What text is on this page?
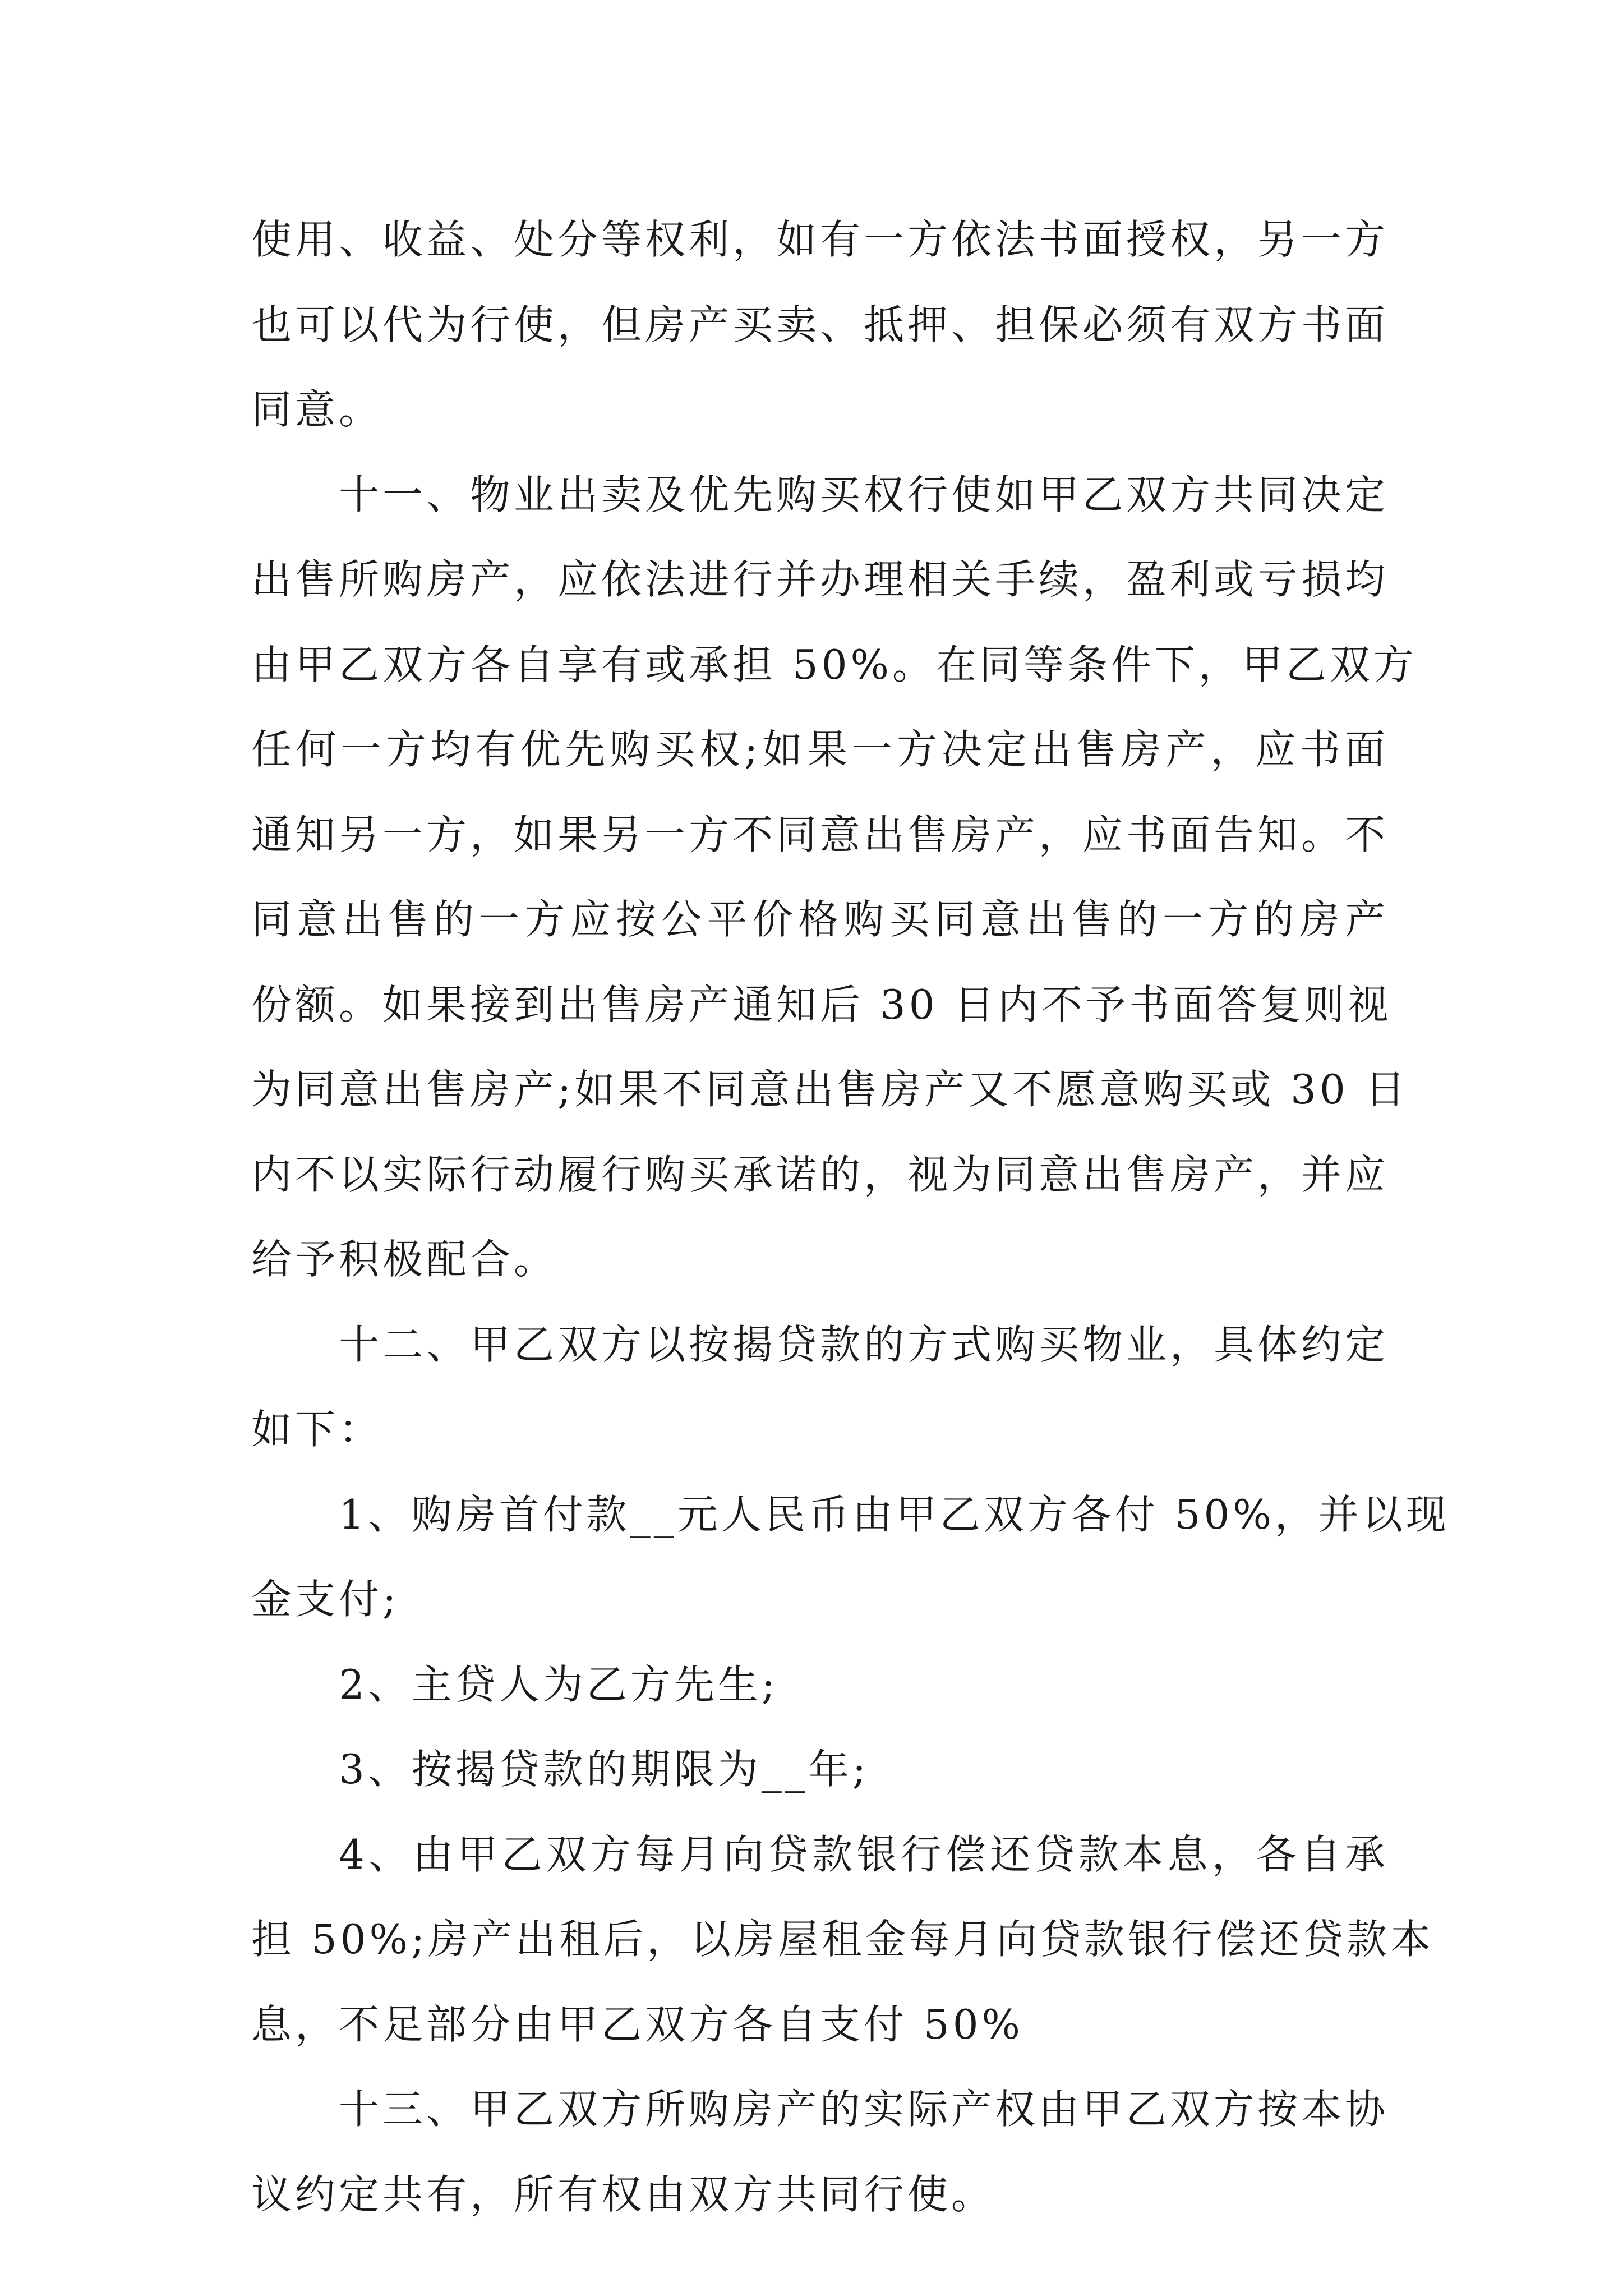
使用、收益、处分等权利，如有一方依法书面授权，另一方
也可以代为行使，但房产买卖、抵押、担保必须有双方书面
同意。
十一、物业出卖及优先购买权行使如甲乙双方共同决定
出售所购房产，应依法进行并办理相关手续，盈利或亏损均
由甲乙双方各自享有或承担 50%。在同等条件下，甲乙双方
任何一方均有优先购买权;如果一方决定出售房产，应书面
通知另一方，如果另一方不同意出售房产，应书面告知。不
同意出售的一方应按公平价格购买同意出售的一方的房产
份额。如果接到出售房产通知后 30 日内不予书面答复则视
为同意出售房产;如果不同意出售房产又不愿意购买或 30 日
内不以实际行动履行购买承诺的，视为同意出售房产，并应
给予积极配合。
十二、甲乙双方以按揭贷款的方式购买物业，具体约定
如下：
1、购房首付款__元人民币由甲乙双方各付 50%，并以现
金支付;
2、主贷人为乙方先生;
3、按揭贷款的期限为__年;
4、由甲乙双方每月向贷款银行偿还贷款本息，各自承
担 50%;房产出租后，以房屋租金每月向贷款银行偿还贷款本
息，不足部分由甲乙双方各自支付 50%
十三、甲乙双方所购房产的实际产权由甲乙双方按本协
议约定共有，所有权由双方共同行使。
